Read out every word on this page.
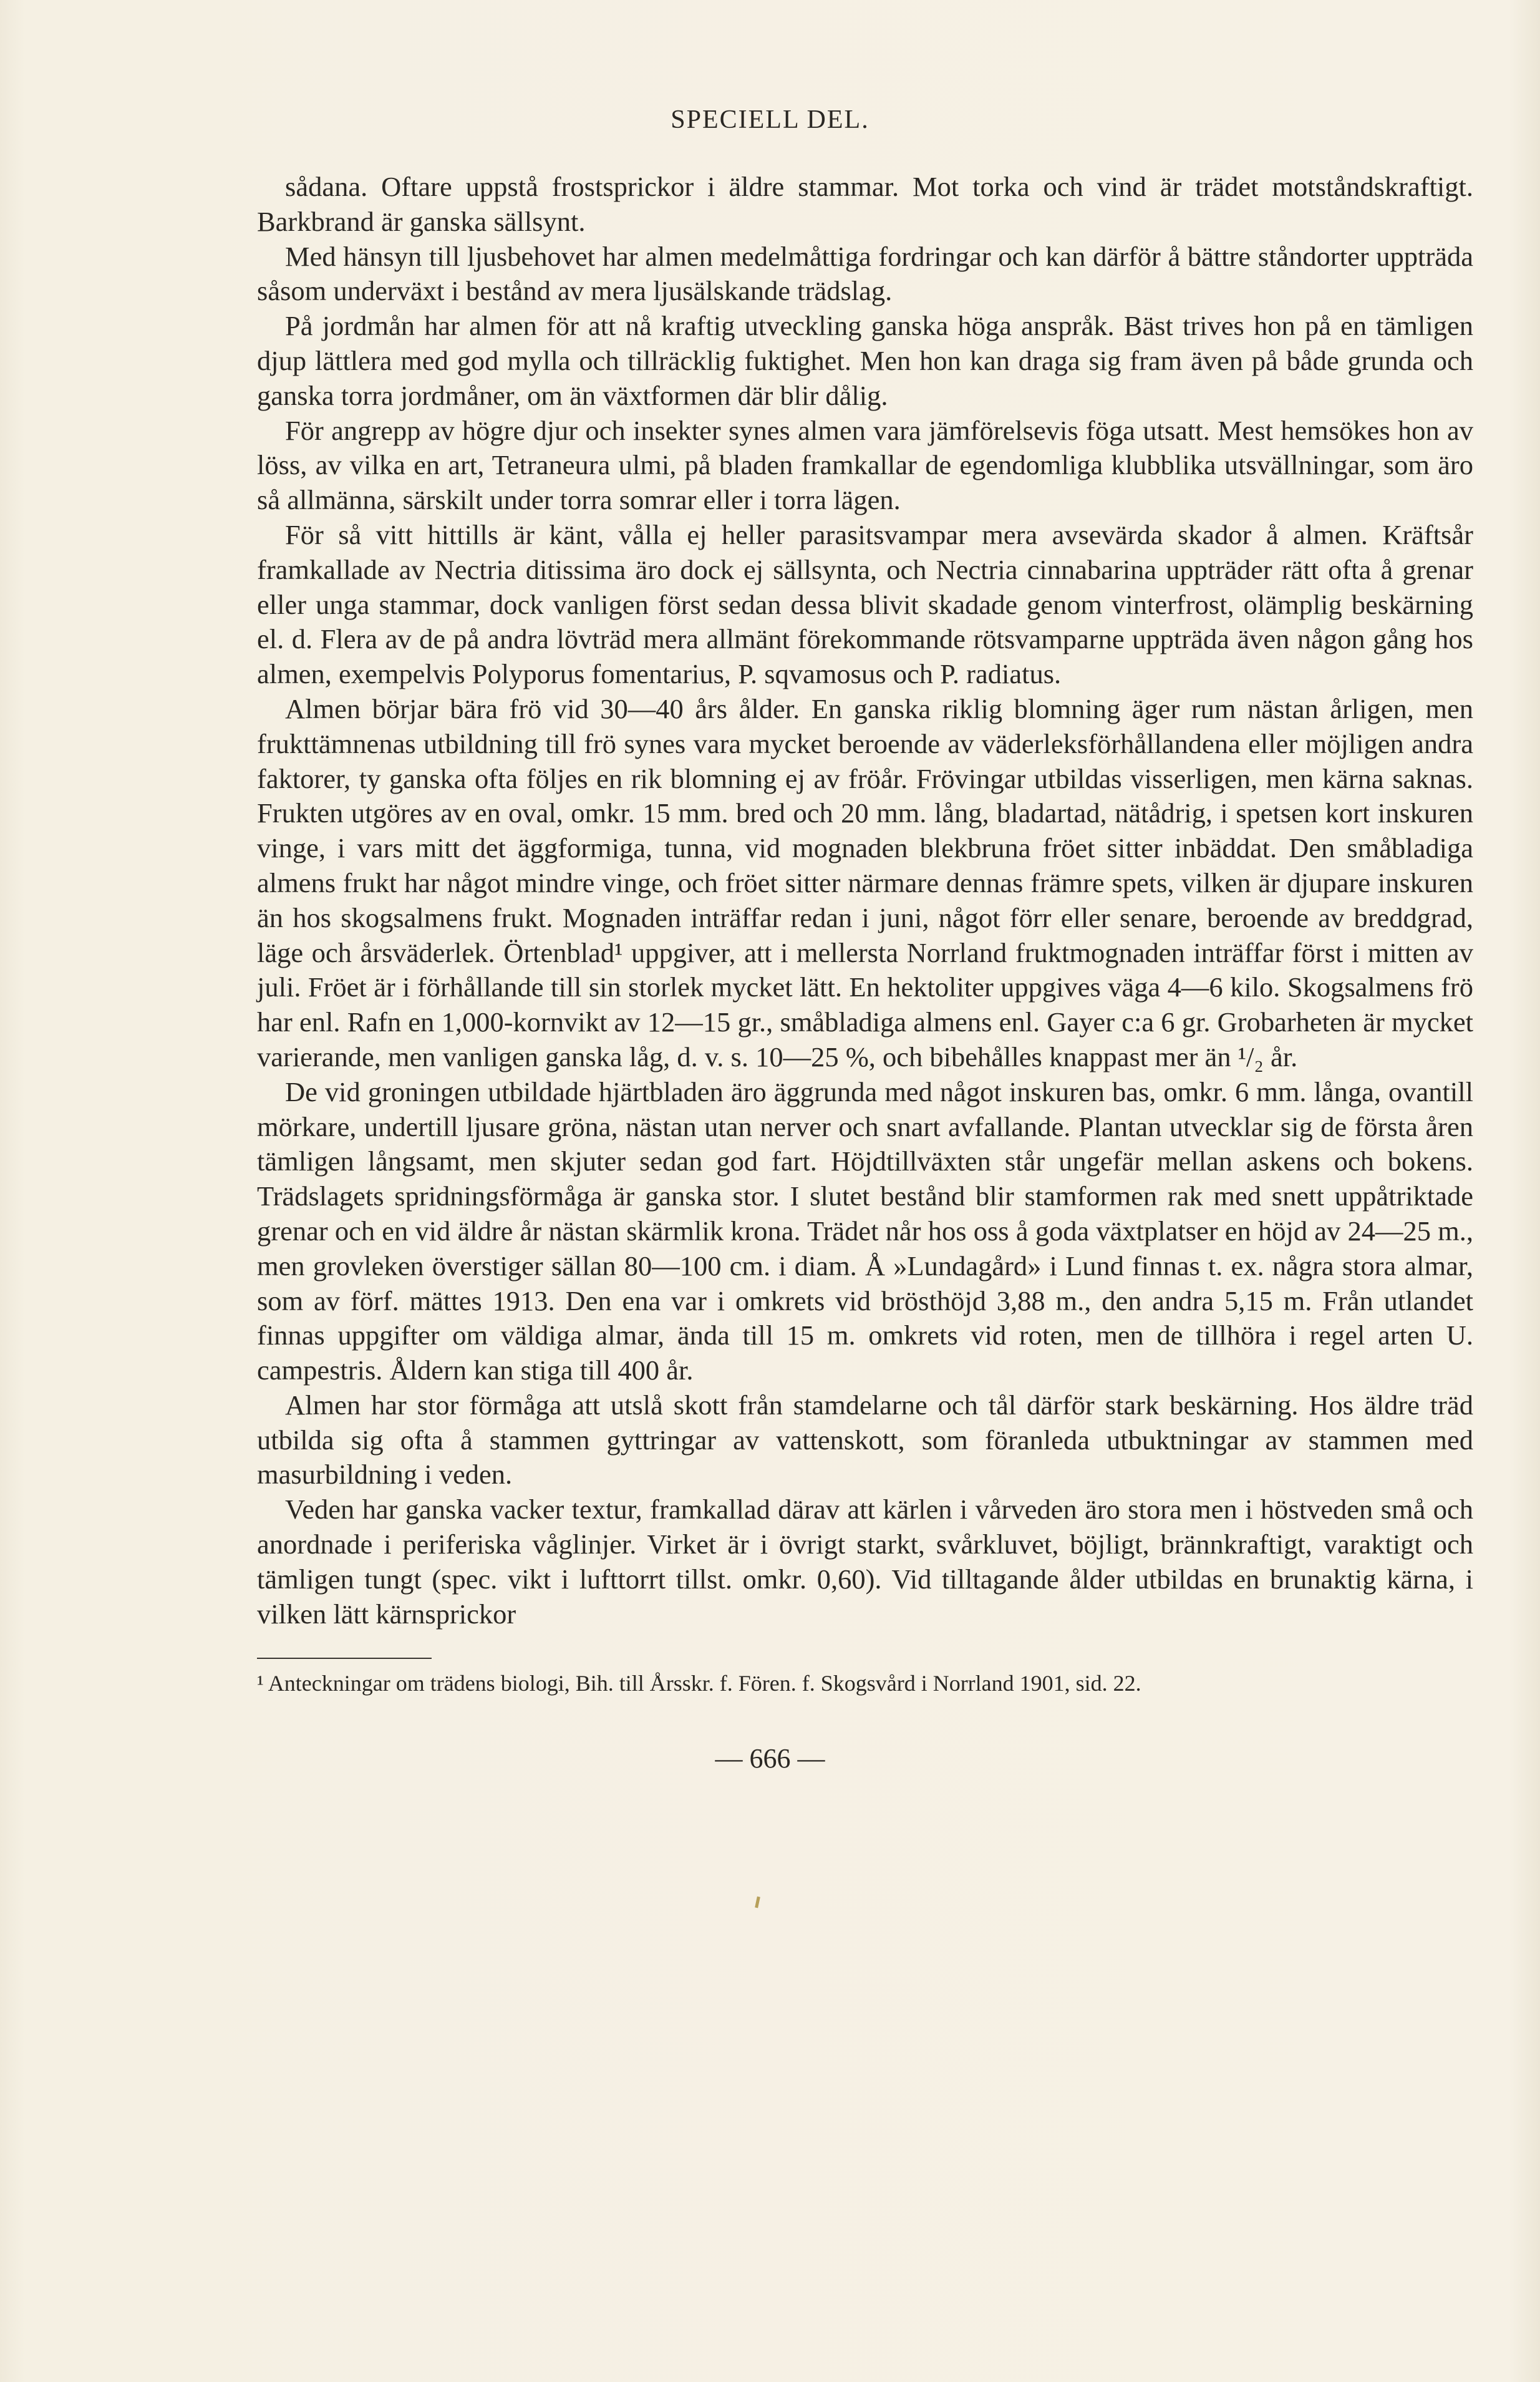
SPECIELL DEL.

sådana. Oftare uppstå frostsprickor i äldre stammar. Mot torka och vind är trädet motståndskraftigt. Barkbrand är ganska sällsynt.

Med hänsyn till ljusbehovet har almen medelmåttiga fordringar och kan därför å bättre ståndorter uppträda såsom underväxt i bestånd av mera ljusälskande trädslag.

På jordmån har almen för att nå kraftig utveckling ganska höga anspråk. Bäst trives hon på en tämligen djup lättlera med god mylla och tillräcklig fuktighet. Men hon kan draga sig fram även på både grunda och ganska torra jordmåner, om än växtformen där blir dålig.

För angrepp av högre djur och insekter synes almen vara jämförelsevis föga utsatt. Mest hemsökes hon av löss, av vilka en art, Tetraneura ulmi, på bladen framkallar de egendomliga klubblika utsvällningar, som äro så allmänna, särskilt under torra somrar eller i torra lägen.

För så vitt hittills är känt, vålla ej heller parasitsvampar mera avsevärda skador å almen. Kräftsår framkallade av Nectria ditissima äro dock ej sällsynta, och Nectria cinnabarina uppträder rätt ofta å grenar eller unga stammar, dock vanligen först sedan dessa blivit skadade genom vinterfrost, olämplig beskärning el. d. Flera av de på andra lövträd mera allmänt förekommande rötsvamparne uppträda även någon gång hos almen, exempelvis Polyporus fomentarius, P. sqvamosus och P. radiatus.

Almen börjar bära frö vid 30—40 års ålder. En ganska riklig blomning äger rum nästan årligen, men frukttämnenas utbildning till frö synes vara mycket beroende av väderleksförhållandena eller möjligen andra faktorer, ty ganska ofta följes en rik blomning ej av fröår. Frövingar utbildas visserligen, men kärna saknas. Frukten utgöres av en oval, omkr. 15 mm. bred och 20 mm. lång, bladartad, nätådrig, i spetsen kort inskuren vinge, i vars mitt det äggformiga, tunna, vid mognaden blekbruna fröet sitter inbäddat. Den småbladiga almens frukt har något mindre vinge, och fröet sitter närmare dennas främre spets, vilken är djupare inskuren än hos skogsalmens frukt. Mognaden inträffar redan i juni, något förr eller senare, beroende av breddgrad, läge och årsväderlek. Örtenblad¹ uppgiver, att i mellersta Norrland fruktmognaden inträffar först i mitten av juli. Fröet är i förhållande till sin storlek mycket lätt. En hektoliter uppgives väga 4—6 kilo. Skogsalmens frö har enl. Rafn en 1,000-kornvikt av 12—15 gr., småbladiga almens enl. Gayer c:a 6 gr. Grobarheten är mycket varierande, men vanligen ganska låg, d. v. s. 10—25 %, och bibehålles knappast mer än ¹/₂ år.

De vid groningen utbildade hjärtbladen äro äggrunda med något inskuren bas, omkr. 6 mm. långa, ovantill mörkare, undertill ljusare gröna, nästan utan nerver och snart avfallande. Plantan utvecklar sig de första åren tämligen långsamt, men skjuter sedan god fart. Höjdtillväxten står ungefär mellan askens och bokens. Trädslagets spridningsförmåga är ganska stor. I slutet bestånd blir stamformen rak med snett uppåtriktade grenar och en vid äldre år nästan skärmlik krona. Trädet når hos oss å goda växtplatser en höjd av 24—25 m., men grovleken överstiger sällan 80—100 cm. i diam. Å »Lundagård» i Lund finnas t. ex. några stora almar, som av förf. mättes 1913. Den ena var i omkrets vid brösthöjd 3,88 m., den andra 5,15 m. Från utlandet finnas uppgifter om väldiga almar, ända till 15 m. omkrets vid roten, men de tillhöra i regel arten U. campestris. Åldern kan stiga till 400 år.

Almen har stor förmåga att utslå skott från stamdelarne och tål därför stark beskärning. Hos äldre träd utbilda sig ofta å stammen gyttringar av vattenskott, som föranleda utbuktningar av stammen med masurbildning i veden.

Veden har ganska vacker textur, framkallad därav att kärlen i vårveden äro stora men i höstveden små och anordnade i periferiska våglinjer. Virket är i övrigt starkt, svårkluvet, böjligt, brännkraftigt, varaktigt och tämligen tungt (spec. vikt i lufttorrt tillst. omkr. 0,60). Vid tilltagande ålder utbildas en brunaktig kärna, i vilken lätt kärnsprickor

¹ Anteckningar om trädens biologi, Bih. till Årsskr. f. Fören. f. Skogsvård i Norrland 1901, sid. 22.
— 666 —
